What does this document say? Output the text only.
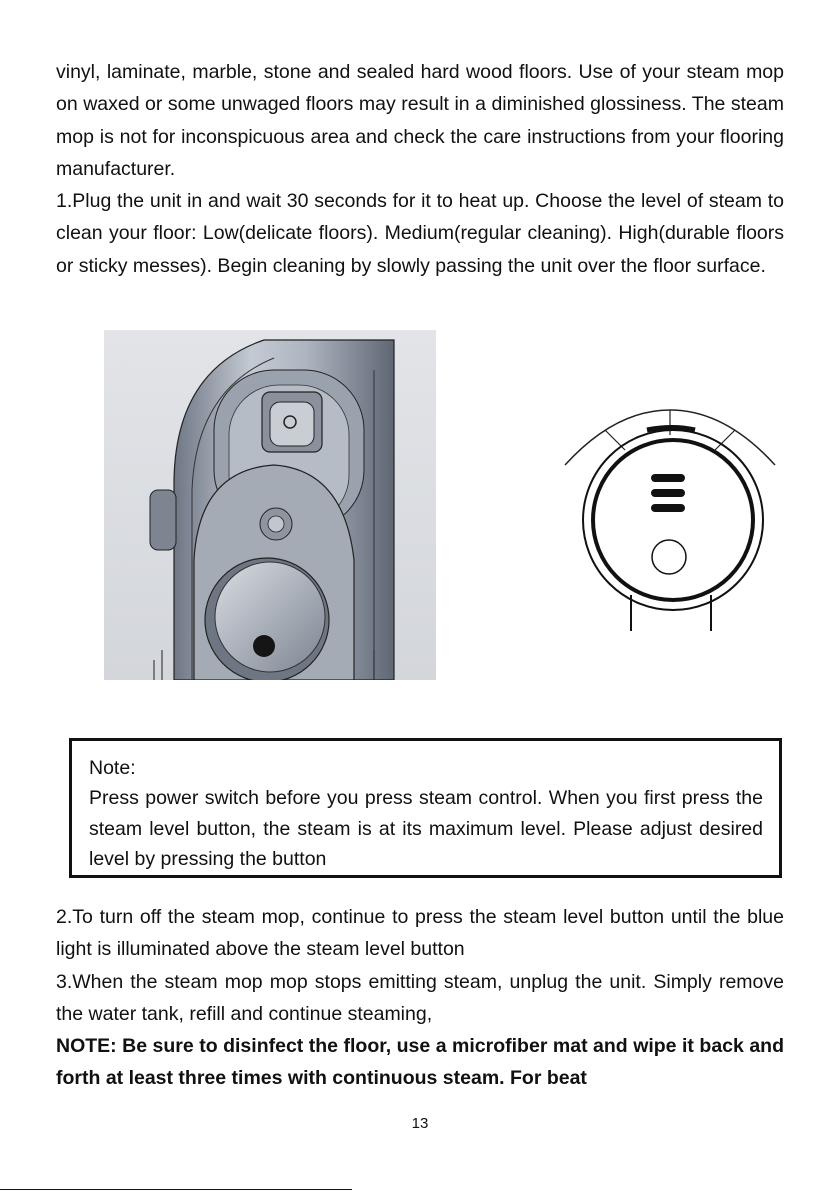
vinyl, laminate, marble, stone and sealed hard wood floors. Use of your steam mop on waxed or some unwaged floors may result in a diminished glossiness. The steam mop is not for inconspicuous area and check the care instructions from your flooring manufacturer.

1.Plug the unit in and wait 30 seconds for it to heat up. Choose the level of steam to clean your floor: Low(delicate floors). Medium(regular cleaning). High(durable floors or sticky messes). Begin cleaning by slowly passing the unit over the floor surface.

Note:

Press power switch before you press steam control. When you first press the steam level button, the steam is at its maximum level. Please adjust desired level by pressing the button

2.To turn off the steam mop, continue to press the steam level button until the blue light is illuminated above the steam level button

3.When the steam mop mop stops emitting steam, unplug the unit. Simply remove the water tank, refill and continue steaming,

NOTE: Be sure to disinfect the floor, use a microfiber mat and wipe it back and forth at least three times with continuous steam. For beat

13
